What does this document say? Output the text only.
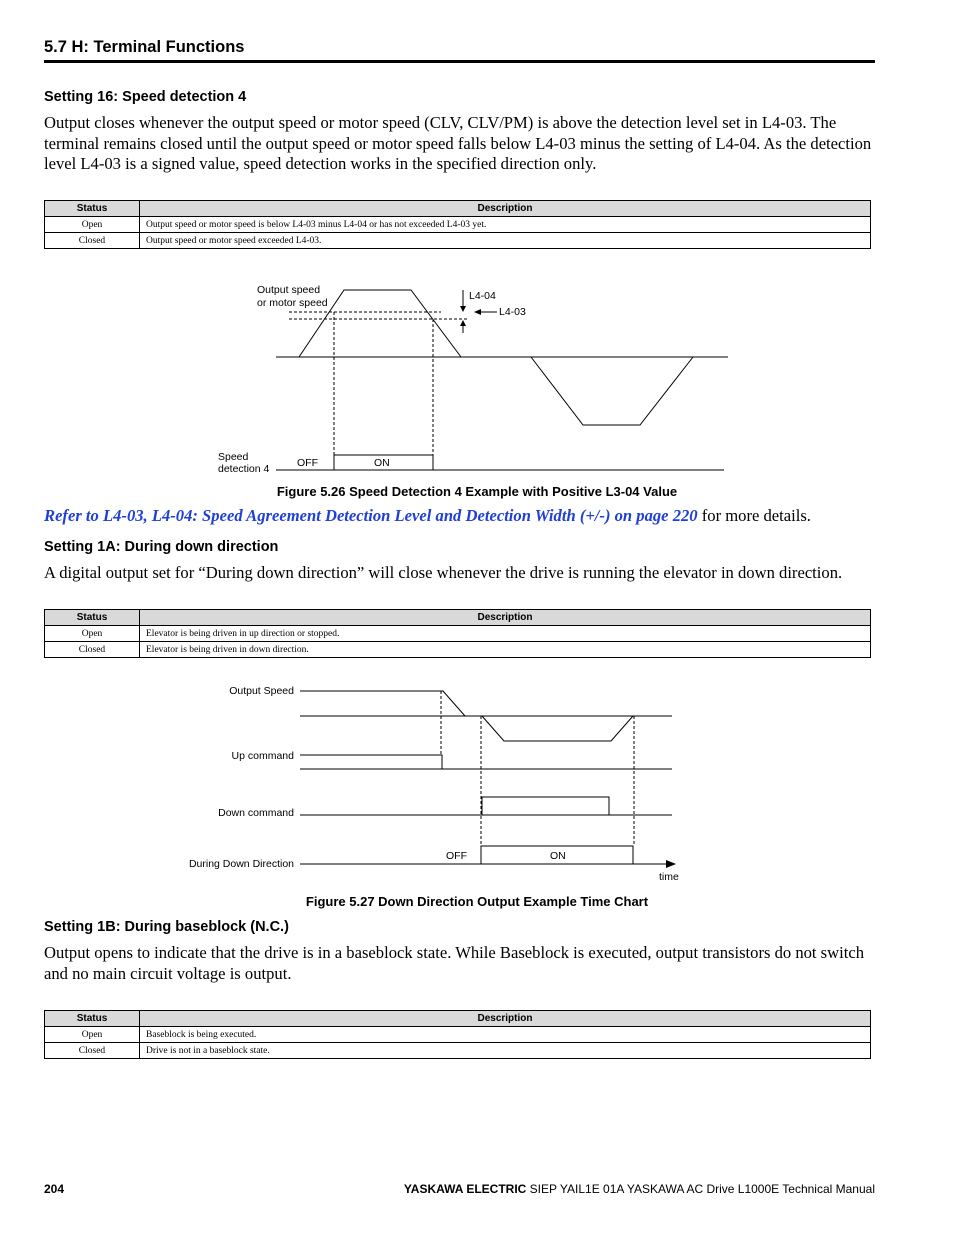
5.7 H: Terminal Functions
Setting 16: Speed detection 4
Output closes whenever the output speed or motor speed (CLV, CLV/PM) is above the detection level set in L4-03. The terminal remains closed until the output speed or motor speed falls below L4-03 minus the setting of L4-04. As the detection level L4-03 is a signed value, speed detection works in the specified direction only.
Status	Description
Open	Output speed or motor speed is below L4-03 minus L4-04 or has not exceeded L4-03 yet.
Closed	Output speed or motor speed exceeded L4-03.
Output speed
or motor speed
L4-04
L4-03
Speed
detection 4	OFF	ON
Figure 5.26 Speed Detection 4 Example with Positive L3-04 Value
Refer to L4-03, L4-04: Speed Agreement Detection Level and Detection Width (+/-) on page 220 for more details.
Setting 1A: During down direction
A digital output set for “During down direction” will close whenever the drive is running the elevator in down direction.
Status	Description
Open	Elevator is being driven in up direction or stopped.
Closed	Elevator is being driven in down direction.
Output Speed
Up command
Down command
During Down Direction
OFF	ON
time
Figure 5.27 Down Direction Output Example Time Chart
Setting 1B: During baseblock (N.C.)
Output opens to indicate that the drive is in a baseblock state. While Baseblock is executed, output transistors do not switch and no main circuit voltage is output.
Status	Description
Open	Baseblock is being executed.
Closed	Drive is not in a baseblock state.
204	YASKAWA ELECTRIC SIEP YAIL1E 01A YASKAWA AC Drive L1000E Technical Manual
